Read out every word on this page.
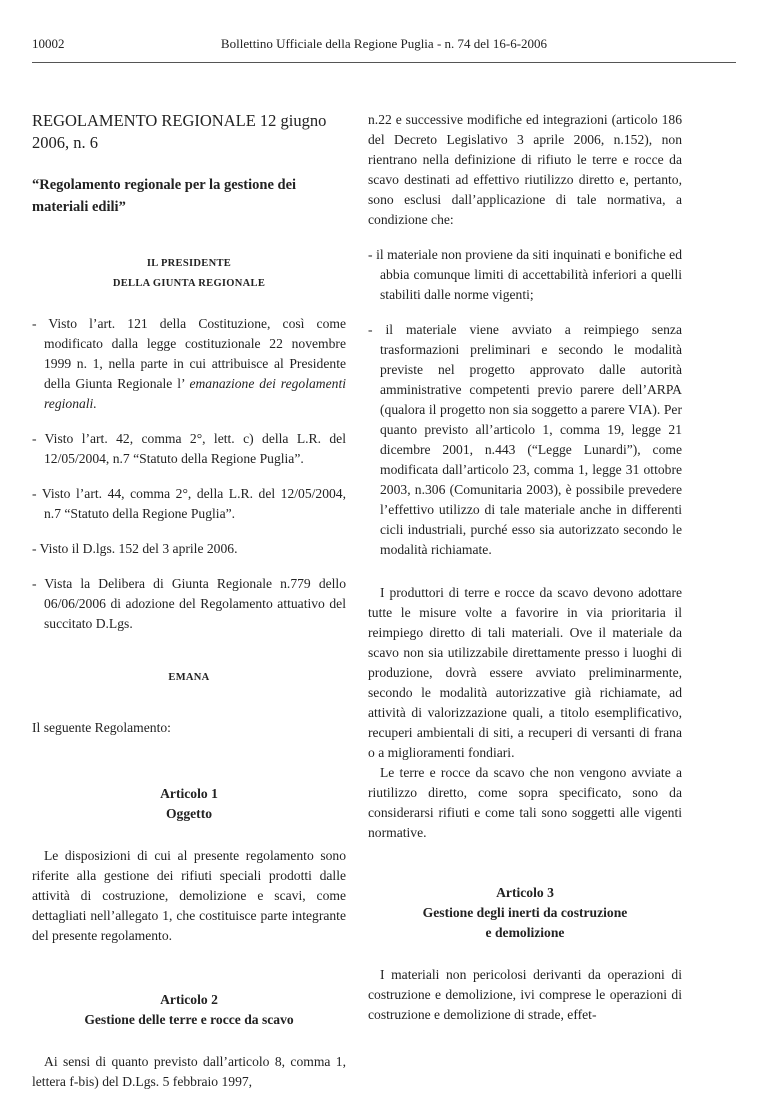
10002	Bollettino Ufficiale della Regione Puglia - n. 74 del 16-6-2006

REGOLAMENTO REGIONALE 12 giugno 2006, n. 6

“Regolamento regionale per la gestione dei materiali edili”

IL PRESIDENTE
DELLA GIUNTA REGIONALE

- Visto l’art. 121 della Costituzione, così come modificato dalla legge costituzionale 22 novembre 1999 n. 1, nella parte in cui attribuisce al Presidente della Giunta Regionale l’ emanazione dei regolamenti regionali.

- Visto l’art. 42, comma 2°, lett. c) della L.R. del 12/05/2004, n.7 “Statuto della Regione Puglia”.

- Visto l’art. 44, comma 2°, della L.R. del 12/05/2004, n.7 “Statuto della Regione Puglia”.

- Visto il D.lgs. 152 del 3 aprile 2006.

- Vista la Delibera di Giunta Regionale n.779 dello 06/06/2006 di adozione del Regolamento attuativo del succitato D.Lgs.

EMANA

Il seguente Regolamento:

Articolo 1
Oggetto

Le disposizioni di cui al presente regolamento sono riferite alla gestione dei rifiuti speciali prodotti dalle attività di costruzione, demolizione e scavi, come dettagliati nell’allegato 1, che costituisce parte integrante del presente regolamento.

Articolo 2
Gestione delle terre e rocce da scavo

Ai sensi di quanto previsto dall’articolo 8, comma 1, lettera f-bis) del D.Lgs. 5 febbraio 1997,

n.22 e successive modifiche ed integrazioni (articolo 186 del Decreto Legislativo 3 aprile 2006, n.152), non rientrano nella definizione di rifiuto le terre e rocce da scavo destinati ad effettivo riutilizzo diretto e, pertanto, sono esclusi dall’applicazione di tale normativa, a condizione che:

- il materiale non proviene da siti inquinati e bonifiche ed abbia comunque limiti di accettabilità inferiori a quelli stabiliti dalle norme vigenti;

- il materiale viene avviato a reimpiego senza trasformazioni preliminari e secondo le modalità previste nel progetto approvato dalle autorità amministrative competenti previo parere dell’ARPA (qualora il progetto non sia soggetto a parere VIA). Per quanto previsto all’articolo 1, comma 19, legge 21 dicembre 2001, n.443 (“Legge Lunardi”), come modificata dall’articolo 23, comma 1, legge 31 ottobre 2003, n.306 (Comunitaria 2003), è possibile prevedere l’effettivo utilizzo di tale materiale anche in differenti cicli industriali, purché esso sia autorizzato secondo le modalità richiamate.

I produttori di terre e rocce da scavo devono adottare tutte le misure volte a favorire in via prioritaria il reimpiego diretto di tali materiali. Ove il materiale da scavo non sia utilizzabile direttamente presso i luoghi di produzione, dovrà essere avviato preliminarmente, secondo le modalità autorizzative già richiamate, ad attività di valorizzazione quali, a titolo esemplificativo, recuperi ambientali di siti, a recuperi di versanti di frana o a miglioramenti fondiari.

Le terre e rocce da scavo che non vengono avviate a riutilizzo diretto, come sopra specificato, sono da considerarsi rifiuti e come tali sono soggetti alle vigenti normative.

Articolo 3
Gestione degli inerti da costruzione
e demolizione

I materiali non pericolosi derivanti da operazioni di costruzione e demolizione, ivi comprese le operazioni di costruzione e demolizione di strade, effet-
